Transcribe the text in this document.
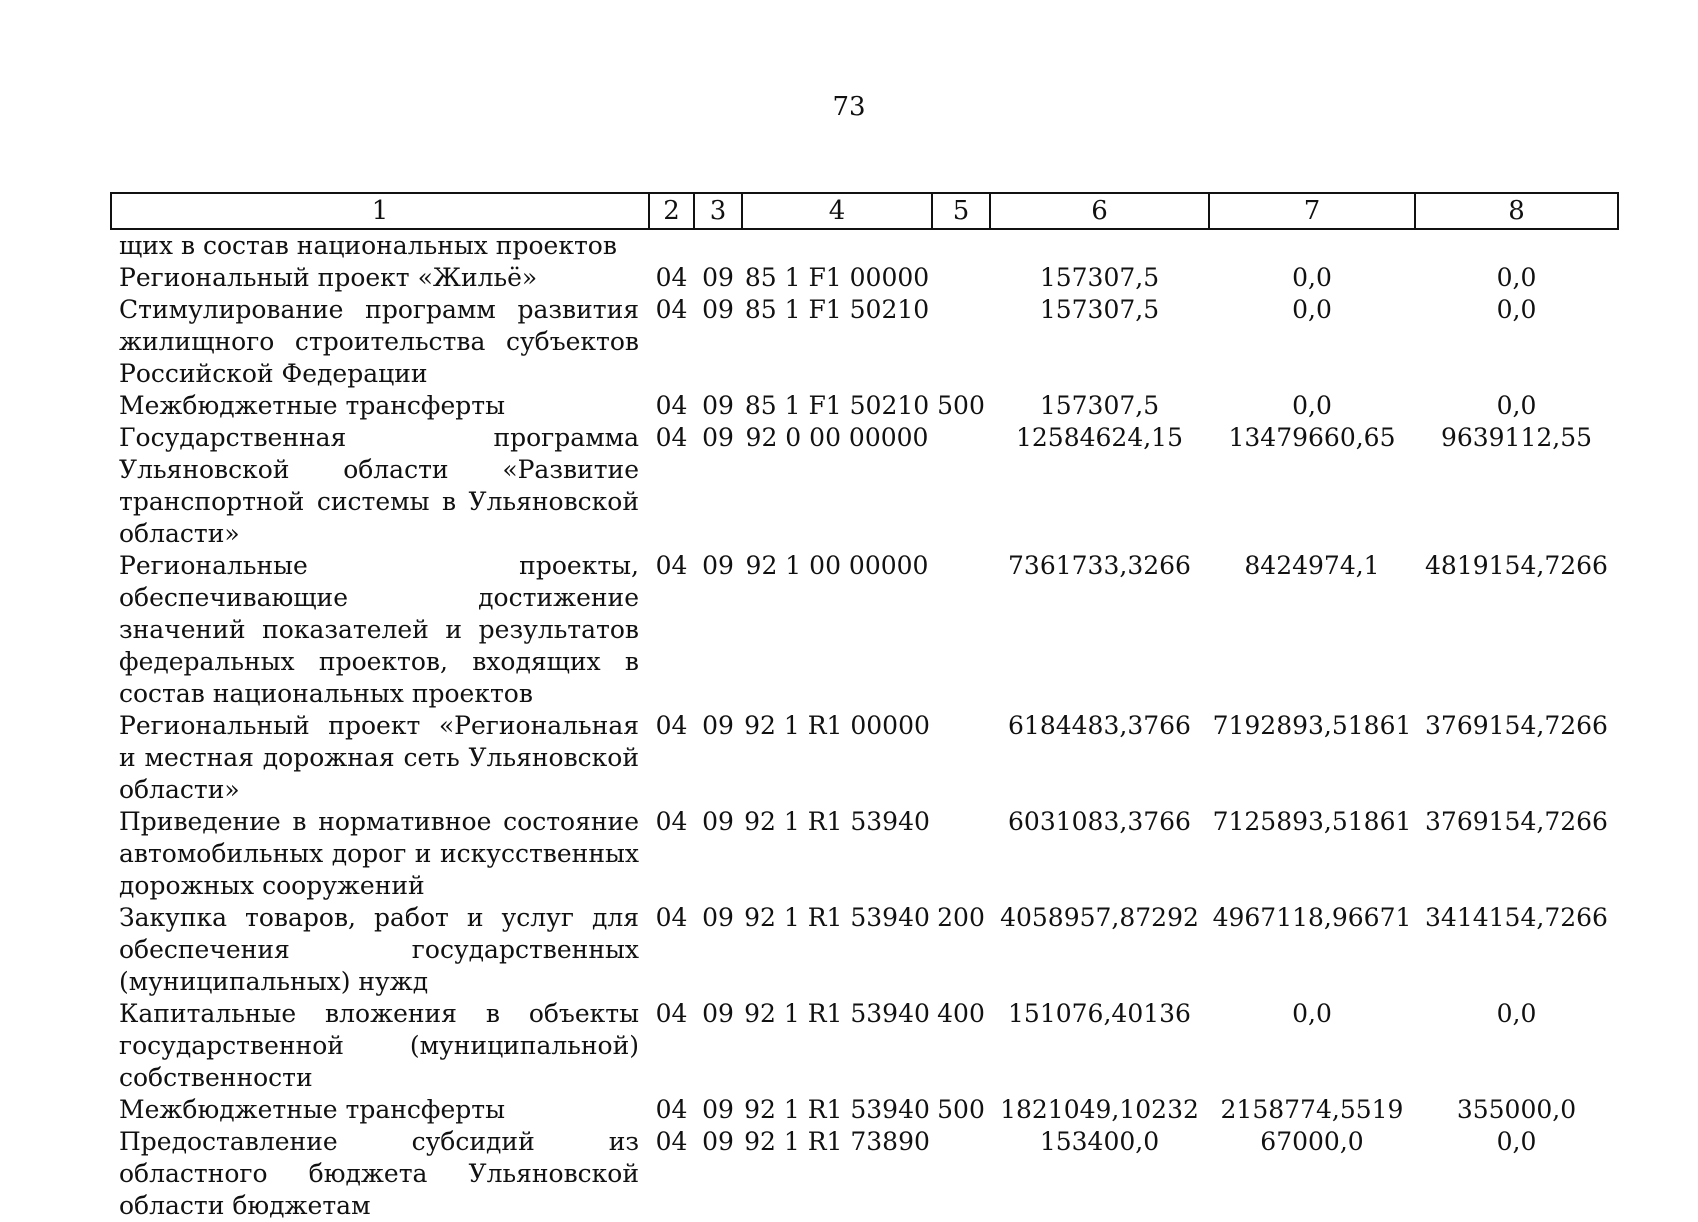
73
1	2	3	4	5	6	7	8
щих в состав национальных проектов							
Региональный проект «Жильё»	04	09	85 1 F1 00000		157307,5	0,0	0,0
Стимулирование программ развития жилищного строительства субъектов Российской Федерации	04	09	85 1 F1 50210		157307,5	0,0	0,0
Межбюджетные трансферты	04	09	85 1 F1 50210	500	157307,5	0,0	0,0
Государственная программа Ульяновской области «Развитие транспортной системы в Ульяновской области»	04	09	92 0 00 00000		12584624,15	13479660,65	9639112,55
Региональные проекты, обеспечивающие достижение значений показателей и результатов федеральных проектов, входящих в состав национальных проектов	04	09	92 1 00 00000		7361733,3266	8424974,1	4819154,7266
Региональный проект «Региональная и местная дорожная сеть Ульяновской области»	04	09	92 1 R1 00000		6184483,3766	7192893,51861	3769154,7266
Приведение в нормативное состояние автомобильных дорог и искусственных дорожных сооружений	04	09	92 1 R1 53940		6031083,3766	7125893,51861	3769154,7266
Закупка товаров, работ и услуг для обеспечения государственных (муниципальных) нужд	04	09	92 1 R1 53940	200	4058957,87292	4967118,96671	3414154,7266
Капитальные вложения в объекты государственной (муниципальной) собственности	04	09	92 1 R1 53940	400	151076,40136	0,0	0,0
Межбюджетные трансферты	04	09	92 1 R1 53940	500	1821049,10232	2158774,5519	355000,0
Предоставление субсидий из областного бюджета Ульяновской области бюджетам	04	09	92 1 R1 73890		153400,0	67000,0	0,0
